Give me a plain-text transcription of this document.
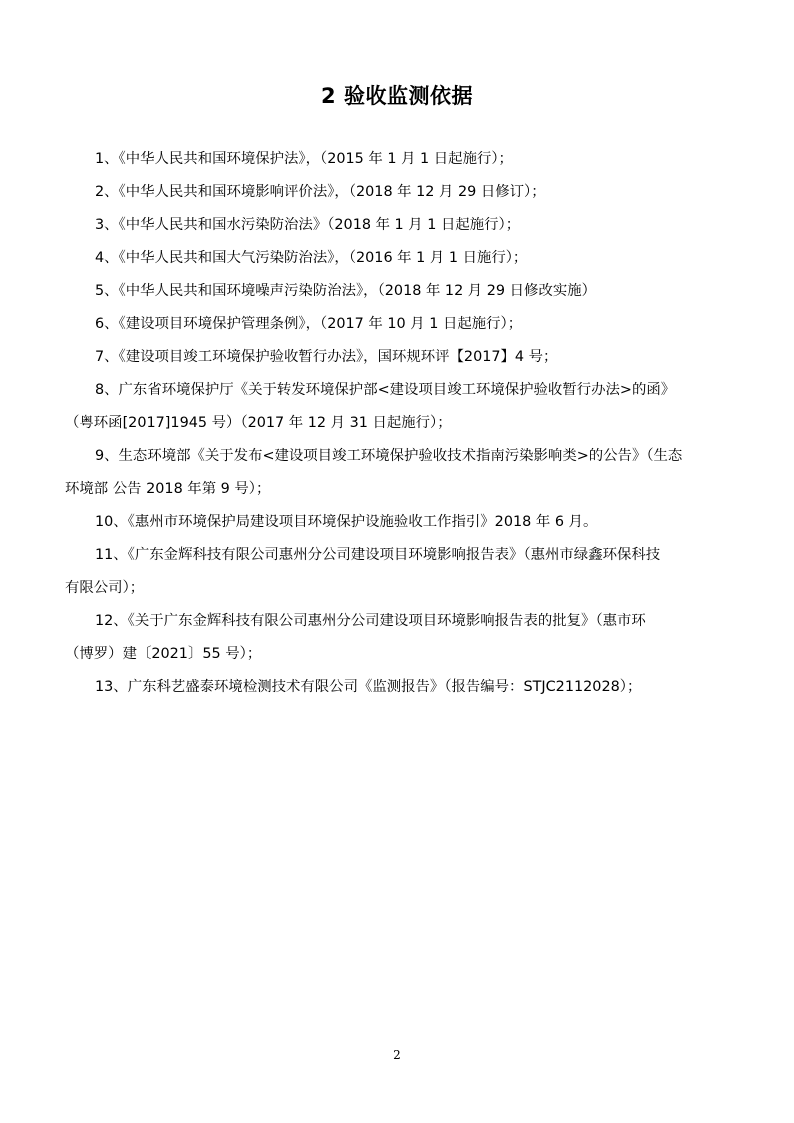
2 验收监测依据

1、《中华人民共和国环境保护法》，（2015 年 1 月 1 日起施行）；

2、《中华人民共和国环境影响评价法》，（2018 年 12 月 29 日修订）；

3、《中华人民共和国水污染防治法》（2018 年 1 月 1 日起施行）；

4、《中华人民共和国大气污染防治法》，（2016 年 1 月 1 日施行）；

5、《中华人民共和国环境噪声污染防治法》，（2018 年 12 月 29 日修改实施）

6、《建设项目环境保护管理条例》，（2017 年 10 月 1 日起施行）；

7、《建设项目竣工环境保护验收暂行办法》，国环规环评【2017】4 号；

8、广东省环境保护厅《关于转发环境保护部<建设项目竣工环境保护验收暂行办法>的函》
（粤环函[2017]1945 号）（2017 年 12 月 31 日起施行）；

9、生态环境部《关于发布<建设项目竣工环境保护验收技术指南污染影响类>的公告》（生态
环境部 公告 2018 年第 9 号）；

10、《惠州市环境保护局建设项目环境保护设施验收工作指引》2018 年 6 月。

11、《广东金辉科技有限公司惠州分公司建设项目环境影响报告表》（惠州市绿鑫环保科技
有限公司）；

12、《关于广东金辉科技有限公司惠州分公司建设项目环境影响报告表的批复》（惠市环
（博罗）建〔2021〕55 号）；

13、广东科艺盛泰环境检测技术有限公司《监测报告》（报告编号：STJC2112028）；

2
